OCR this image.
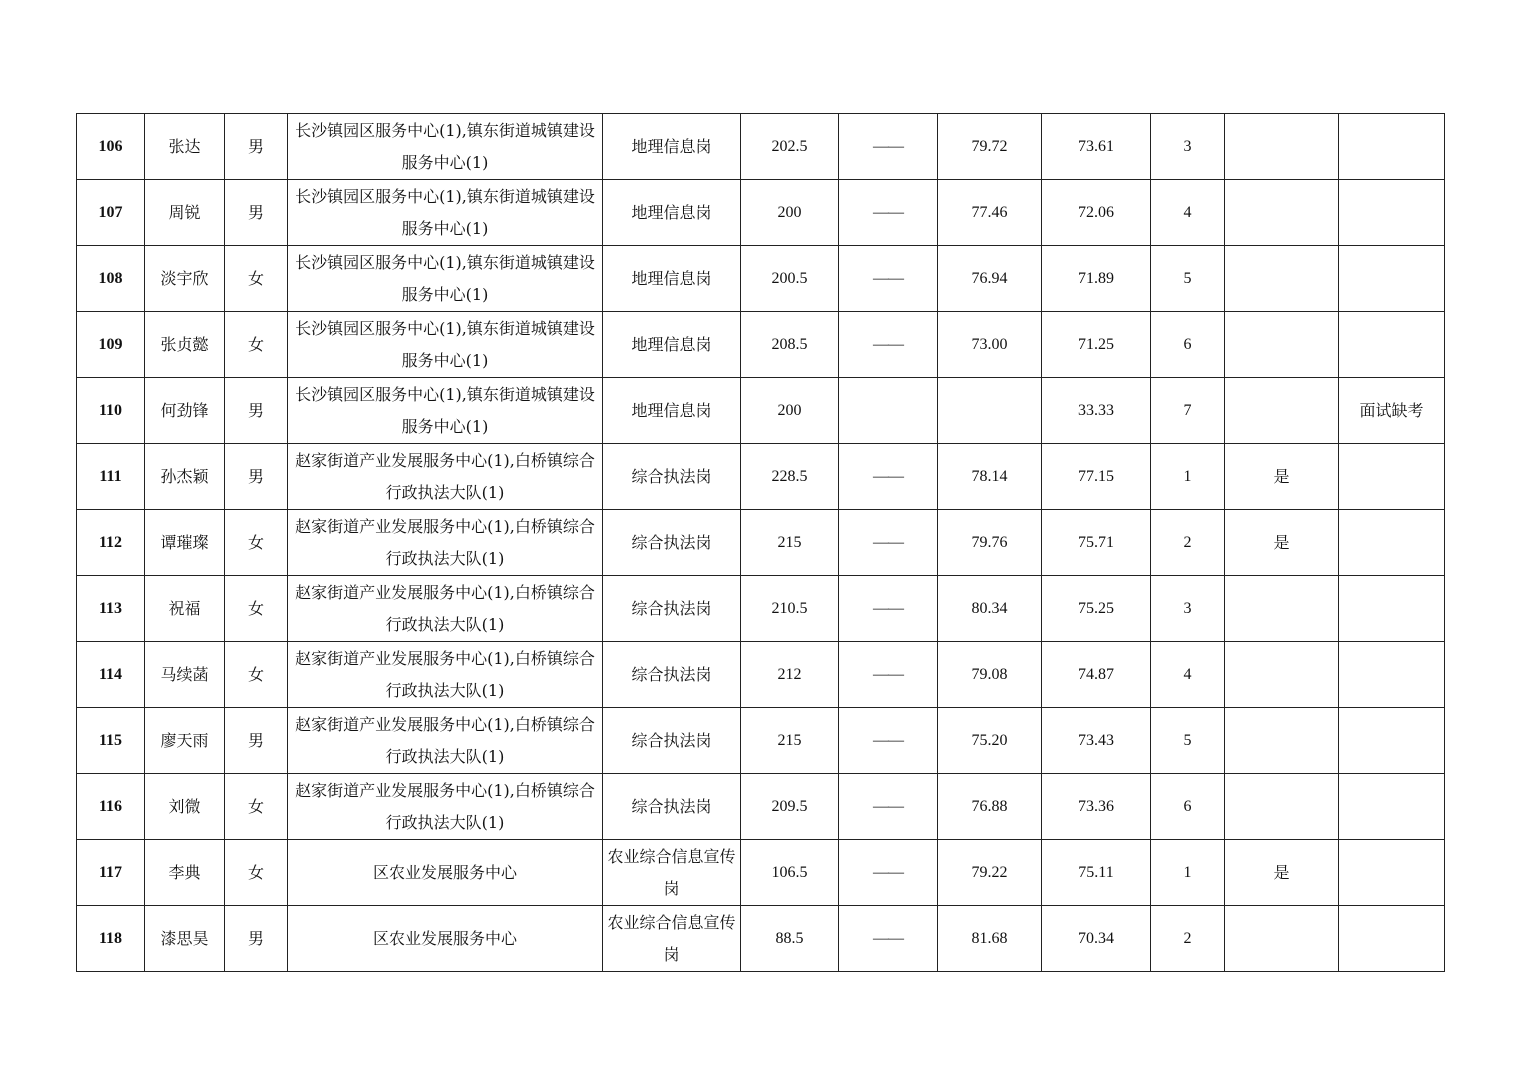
106	张达	男	长沙镇园区服务中心(1),镇东街道城镇建设服务中心(1)	地理信息岗	202.5	——	79.72	73.61	3		
107	周锐	男	长沙镇园区服务中心(1),镇东街道城镇建设服务中心(1)	地理信息岗	200	——	77.46	72.06	4		
108	淡宇欣	女	长沙镇园区服务中心(1),镇东街道城镇建设服务中心(1)	地理信息岗	200.5	——	76.94	71.89	5		
109	张贞懿	女	长沙镇园区服务中心(1),镇东街道城镇建设服务中心(1)	地理信息岗	208.5	——	73.00	71.25	6		
110	何劲锋	男	长沙镇园区服务中心(1),镇东街道城镇建设服务中心(1)	地理信息岗	200			33.33	7		面试缺考
111	孙杰颖	男	赵家街道产业发展服务中心(1),白桥镇综合行政执法大队(1)	综合执法岗	228.5	——	78.14	77.15	1	是	
112	谭璀璨	女	赵家街道产业发展服务中心(1),白桥镇综合行政执法大队(1)	综合执法岗	215	——	79.76	75.71	2	是	
113	祝福	女	赵家街道产业发展服务中心(1),白桥镇综合行政执法大队(1)	综合执法岗	210.5	——	80.34	75.25	3		
114	马续菡	女	赵家街道产业发展服务中心(1),白桥镇综合行政执法大队(1)	综合执法岗	212	——	79.08	74.87	4		
115	廖天雨	男	赵家街道产业发展服务中心(1),白桥镇综合行政执法大队(1)	综合执法岗	215	——	75.20	73.43	5		
116	刘微	女	赵家街道产业发展服务中心(1),白桥镇综合行政执法大队(1)	综合执法岗	209.5	——	76.88	73.36	6		
117	李典	女	区农业发展服务中心	农业综合信息宣传岗	106.5	——	79.22	75.11	1	是	
118	漆思昊	男	区农业发展服务中心	农业综合信息宣传岗	88.5	——	81.68	70.34	2		
